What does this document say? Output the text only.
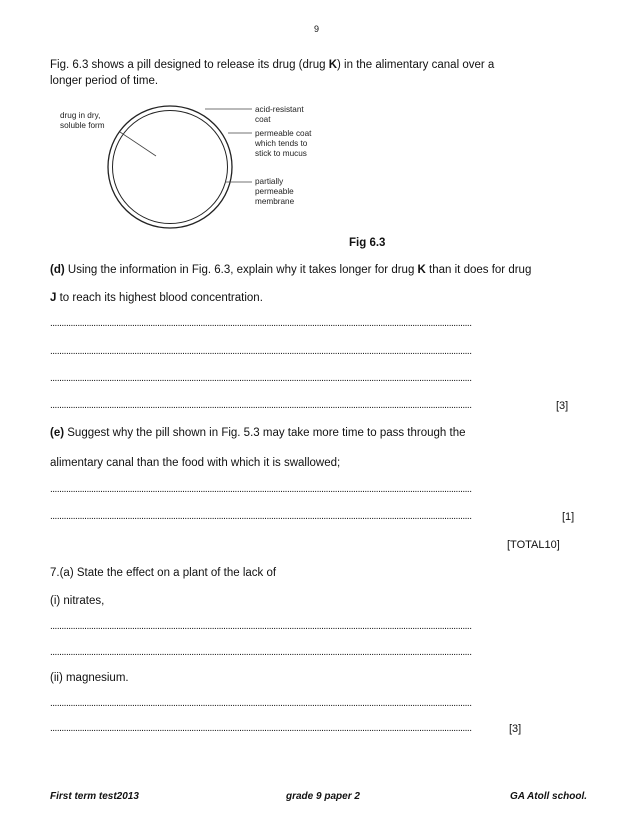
9
Fig. 6.3 shows a pill designed to release its drug (drug K) in the alimentary canal over a
longer period of time.
drug in dry,
soluble form
acid-resistant
coat
permeable coat
which tends to
stick to mucus
partially
permeable
membrane
Fig 6.3
(d) Using the information in Fig. 6.3, explain why it takes longer for drug K than it does for drug
J to reach its highest blood concentration.
.........................................................................................................................................................................................
.........................................................................................................................................................................................
.........................................................................................................................................................................................
.........................................................................................................................................................................................	[3]
(e) Suggest why the pill shown in Fig. 5.3 may take more time to pass through the
alimentary canal than the food with which it is swallowed;
.........................................................................................................................................................................................
.........................................................................................................................................................................................	[1]
[TOTAL10]
7.(a) State the effect on a plant of the lack of
(i) nitrates,
.........................................................................................................................................................................................
.........................................................................................................................................................................................
(ii) magnesium.
.........................................................................................................................................................................................
.........................................................................................................................................................................................	[3]
First term test2013	grade 9 paper 2	GA Atoll school.
